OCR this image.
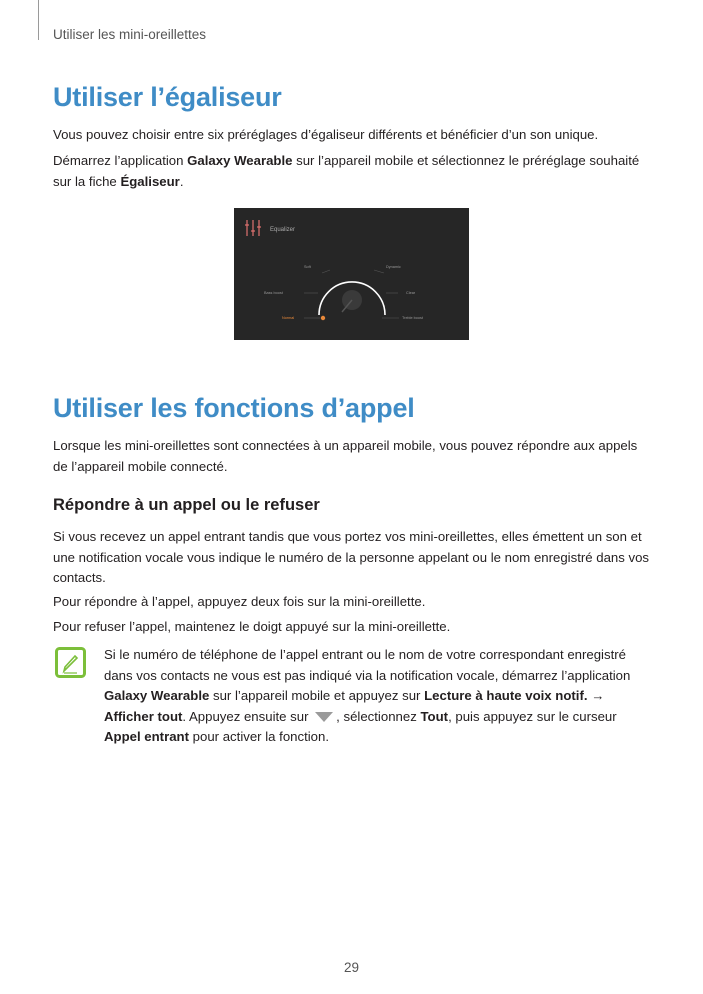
Utiliser les mini-oreillettes
Utiliser l’égaliseur

Vous pouvez choisir entre six préréglages d’égaliseur différents et bénéficier d’un son unique.

Démarrez l’application Galaxy Wearable sur l’appareil mobile et sélectionnez le préréglage souhaité sur la fiche Égaliseur.

Equalizer
Soft	Dynamic
Bass boost	Clear
Normal	Treble boost
Utiliser les fonctions d’appel

Lorsque les mini-oreillettes sont connectées à un appareil mobile, vous pouvez répondre aux appels de l’appareil mobile connecté.

Répondre à un appel ou le refuser

Si vous recevez un appel entrant tandis que vous portez vos mini-oreillettes, elles émettent un son et une notification vocale vous indique le numéro de la personne appelant ou le nom enregistré dans vos contacts.

Pour répondre à l’appel, appuyez deux fois sur la mini-oreillette.

Pour refuser l’appel, maintenez le doigt appuyé sur la mini-oreillette.

Si le numéro de téléphone de l’appel entrant ou le nom de votre correspondant enregistré dans vos contacts ne vous est pas indiqué via la notification vocale, démarrez l’application Galaxy Wearable sur l’appareil mobile et appuyez sur Lecture à haute voix notif. → Afficher tout. Appuyez ensuite sur , sélectionnez Tout, puis appuyez sur le curseur Appel entrant pour activer la fonction.

29
